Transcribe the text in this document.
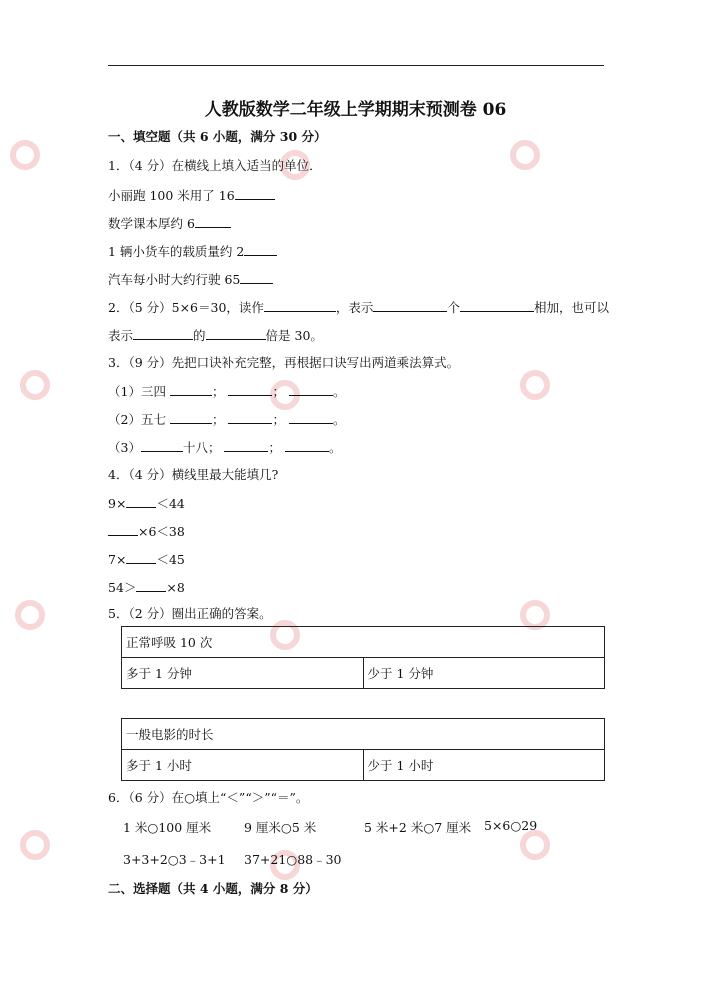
人教版数学二年级上学期期末预测卷 06
一、填空题（共 6 小题，满分 30 分）
1．（4 分）在横线上填入适当的单位．
小丽跑 100 米用了 16
数学课本厚约 6
1 辆小货车的载质量约 2
汽车每小时大约行驶 65
2．（5 分）5×6＝30，读作	，表示	个	相加，也可以
表示	的	倍是 30。
3．（9 分）先把口诀补充完整，再根据口诀写出两道乘法算式。
（1）三四	；	；	。
（2）五七	；	；	。
（3）	十八；	；	。
4．（4 分）横线里最大能填几?
9× ＜44
×6＜38
7× ＜45
54＞ ×8
5．（2 分）圈出正确的答案。
正常呼吸 10 次
多于 1 分钟	少于 1 分钟
一般电影的时长
多于 1 小时	少于 1 小时
6．（6 分）在○填上“＜”“＞”“＝”。
1 米○100 厘米	9 厘米○5 米	5 米+2 米○7 厘米 5×6○29
3+3+2○3﹣3+1 37+21○88﹣30
二、选择题（共 4 小题，满分 8 分）
